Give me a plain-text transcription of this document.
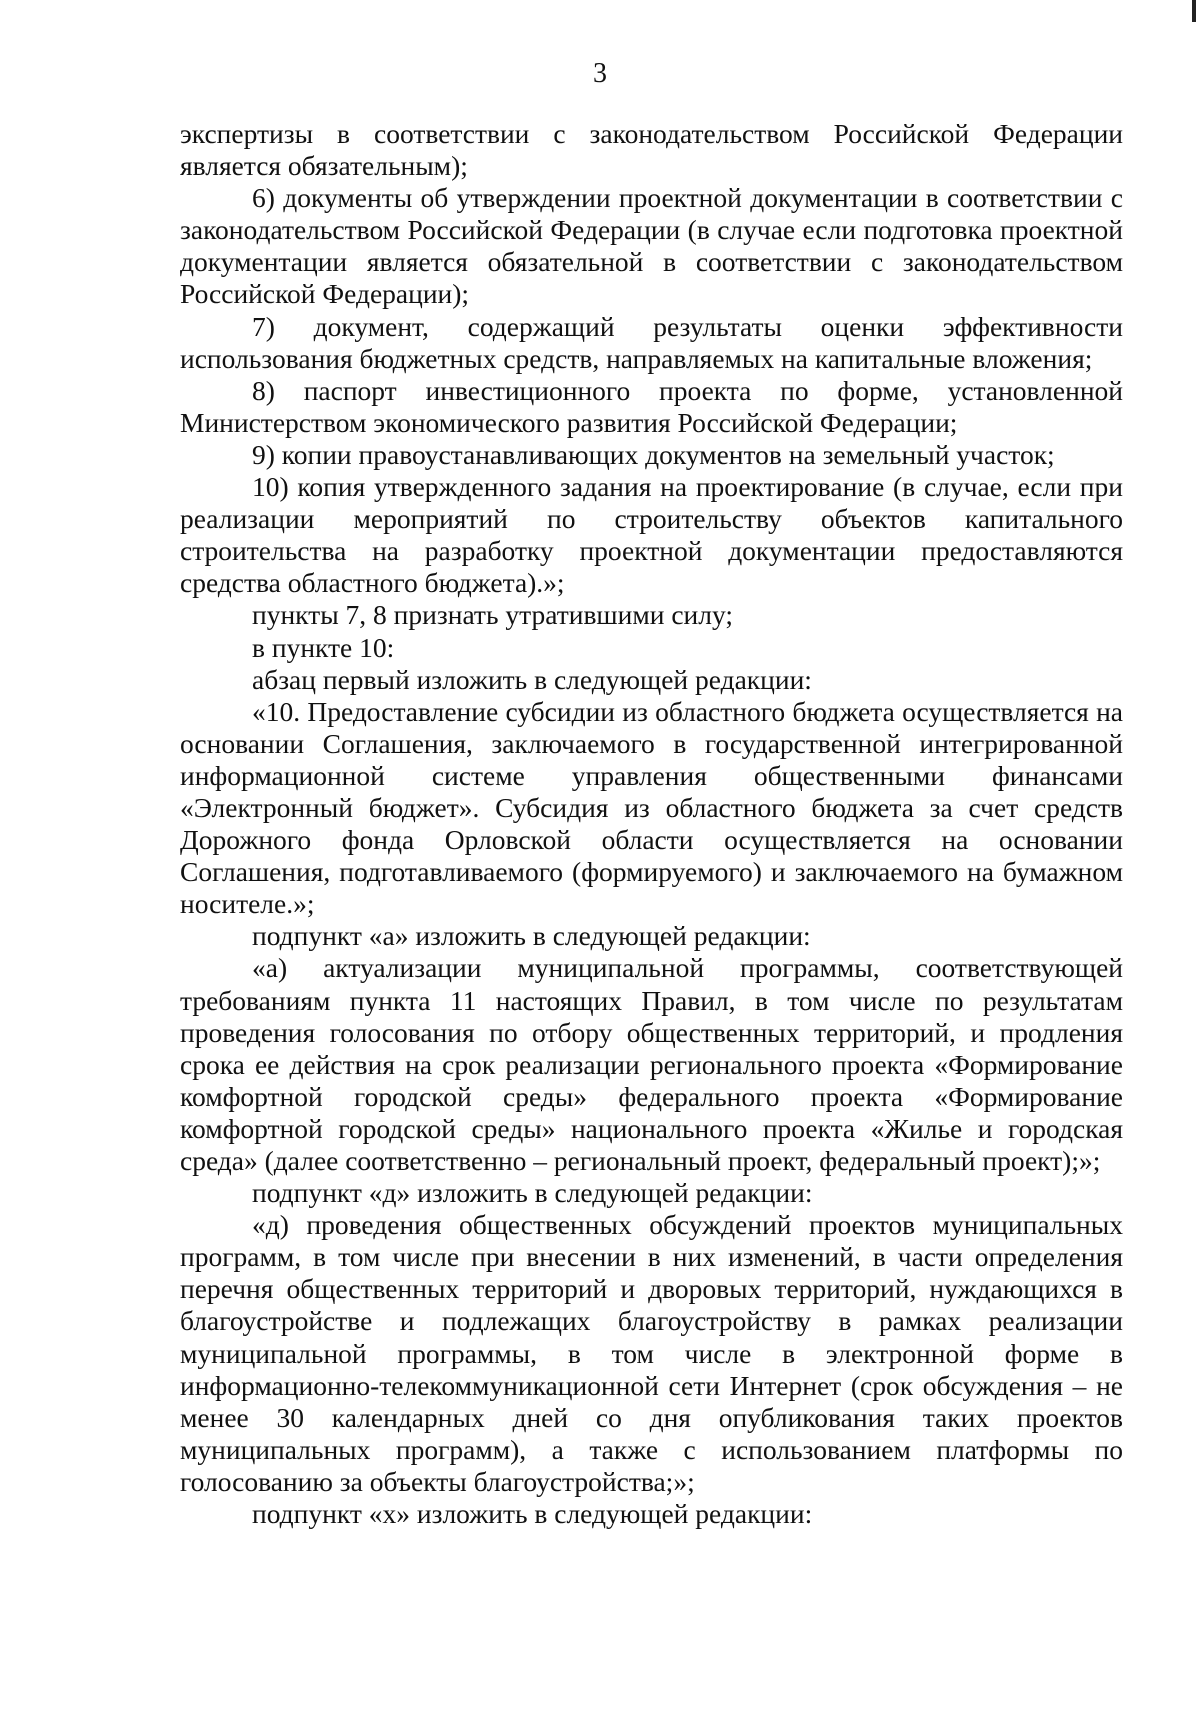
3

экспертизы в соответствии с законодательством Российской Федерации является обязательным);

6) документы об утверждении проектной документации в соответствии с законодательством Российской Федерации (в случае если подготовка проектной документации является обязательной в соответствии с законодательством Российской Федерации);

7) документ, содержащий результаты оценки эффективности использования бюджетных средств, направляемых на капитальные вложения;

8) паспорт инвестиционного проекта по форме, установленной Министерством экономического развития Российской Федерации;

9) копии правоустанавливающих документов на земельный участок;

10) копия утвержденного задания на проектирование (в случае, если при реализации мероприятий по строительству объектов капитального строительства на разработку проектной документации предоставляются средства областного бюджета).»;

пункты 7, 8 признать утратившими силу;

в пункте 10:

абзац первый изложить в следующей редакции:

«10. Предоставление субсидии из областного бюджета осуществляется на основании Соглашения, заключаемого в государственной интегрированной информационной системе управления общественными финансами «Электронный бюджет». Субсидия из областного бюджета за счет средств Дорожного фонда Орловской области осуществляется на основании Соглашения, подготавливаемого (формируемого) и заключаемого на бумажном носителе.»;

подпункт «а» изложить в следующей редакции:

«а) актуализации муниципальной программы, соответствующей требованиям пункта 11 настоящих Правил, в том числе по результатам проведения голосования по отбору общественных территорий, и продления срока ее действия на срок реализации регионального проекта «Формирование комфортной городской среды» федерального проекта «Формирование комфортной городской среды» национального проекта «Жилье и городская среда» (далее соответственно – региональный проект, федеральный проект);»;

подпункт «д» изложить в следующей редакции:

«д) проведения общественных обсуждений проектов муниципальных программ, в том числе при внесении в них изменений, в части определения перечня общественных территорий и дворовых территорий, нуждающихся в благоустройстве и подлежащих благоустройству в рамках реализации муниципальной программы, в том числе в электронной форме в информационно-телекоммуникационной сети Интернет (срок обсуждения – не менее 30 календарных дней со дня опубликования таких проектов муниципальных программ), а также с использованием платформы по голосованию за объекты благоустройства;»;

подпункт «х» изложить в следующей редакции:
